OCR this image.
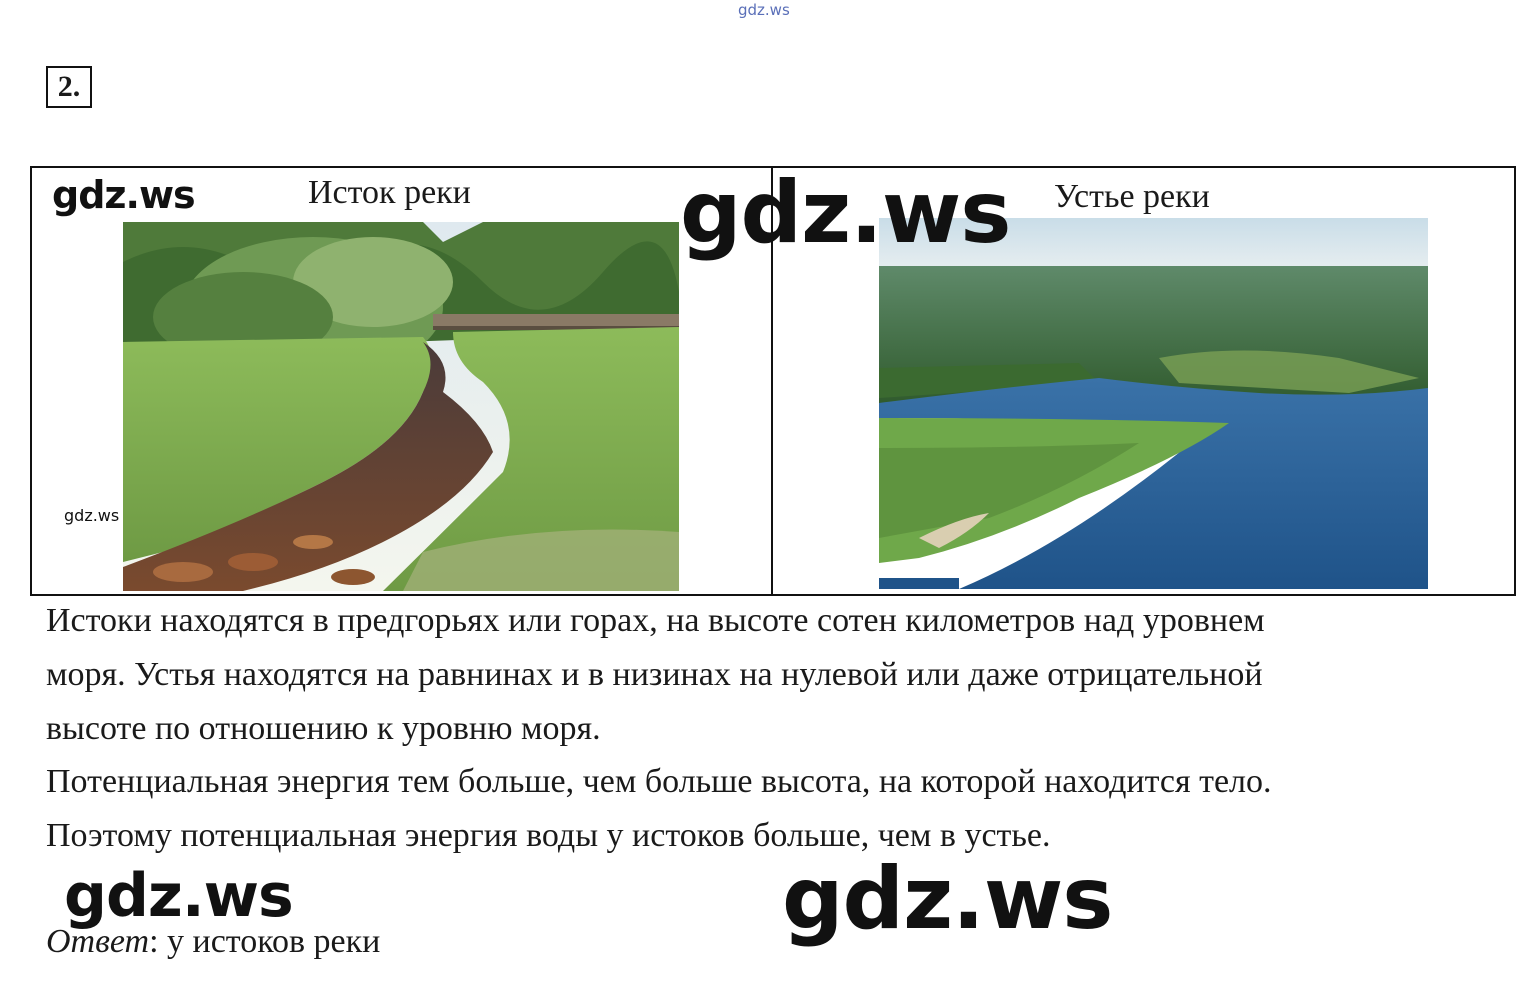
gdz.ws
2.
Исток реки	Устье реки
gdz.ws	gdz.ws
gdz.ws
Истоки находятся в предгорьях или горах, на высоте сотен километров над уровнем
моря. Устья находятся на равнинах и в низинах на нулевой или даже отрицательной
высоте по отношению к уровню моря.
Потенциальная энергия тем больше, чем больше высота, на которой находится тело.
Поэтому потенциальная энергия воды у истоков больше, чем в устье.
gdz.ws	gdz.ws
Ответ: у истоков реки
